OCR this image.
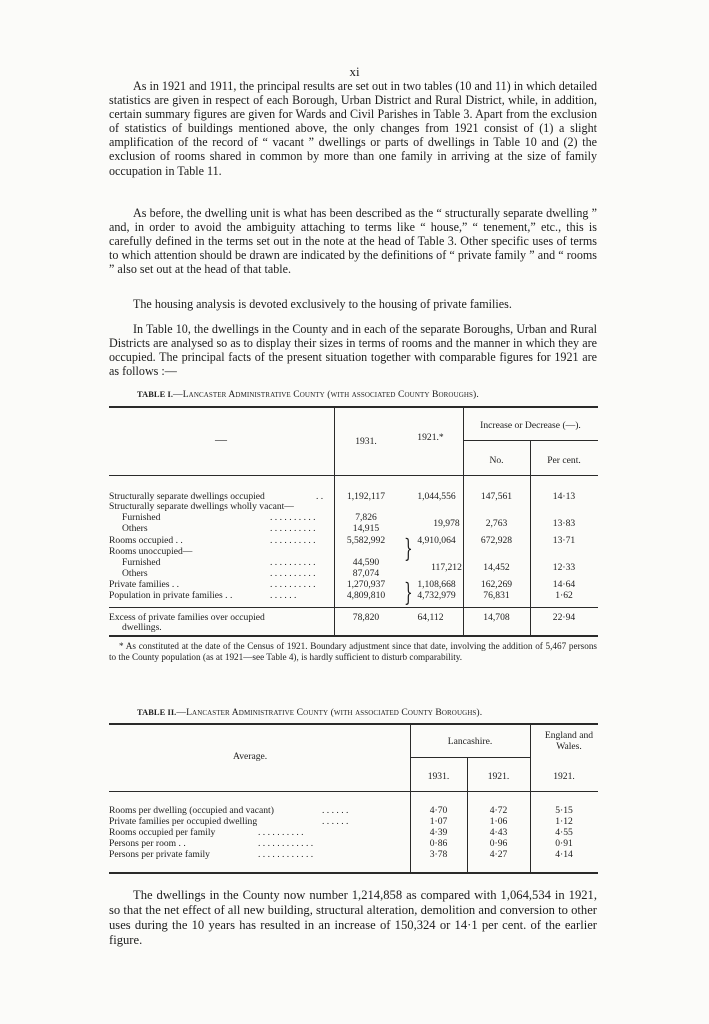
xi

As in 1921 and 1911, the principal results are set out in two tables (10 and 11) in which detailed statistics are given in respect of each Borough, Urban District and Rural District, while, in addition, certain summary figures are given for Wards and Civil Parishes in Table 3. Apart from the exclusion of statistics of buildings mentioned above, the only changes from 1921 consist of (1) a slight amplification of the record of “ vacant ” dwellings or parts of dwellings in Table 10 and (2) the exclusion of rooms shared in common by more than one family in arriving at the size of family occupation in Table 11.

As before, the dwelling unit is what has been described as the “ structurally separate dwelling ” and, in order to avoid the ambiguity attaching to terms like “ house,” “ tenement,” etc., this is carefully defined in the terms set out in the note at the head of Table 3. Other specific uses of terms to which attention should be drawn are indicated by the definitions of “ private family ” and “ rooms ” also set out at the head of that table.

The housing analysis is devoted exclusively to the housing of private families.

In Table 10, the dwellings in the County and in each of the separate Boroughs, Urban and Rural Districts are analysed so as to display their sizes in terms of rooms and the manner in which they are occupied. The principal facts of the present situation together with comparable figures for 1921 are as follows :—

TABLE I.—Lancaster Administrative County (with associated County Boroughs).
—	1931.	1921.*
Increase or Decrease (—).
No.	Per cent.
Structurally separate dwellings occupied	. .	1,192,117	1,044,556	147,561	14·13
Structurally separate dwellings wholly vacant—
Furnished	. . . . . . . . . .	7,826
Others	. . . . . . . . . .	14,915	19,978	2,763	13·83
Rooms occupied . .	. . . . . . . . . .	5,582,992	4,910,064	672,928	13·71
Rooms unoccupied—
Furnished	. . . . . . . . . .	44,590	117,212	14,452	12·33
Others	. . . . . . . . . .	87,074
Private families . .	. . . . . . . . . .	1,270,937	1,108,668	162,269	14·64
Population in private families . .	. . . . . .	4,809,810	4,732,979	76,831	1·62
}
}
Excess of private families over occupied
dwellings.
78,820	64,112	14,708	22·94

* As constituted at the date of the Census of 1921. Boundary adjustment since that date, involving the addition of 5,467 persons to the County population (as at 1921—see Table 4), is hardly sufficient to disturb comparability.

TABLE II.—Lancaster Administrative County (with associated County Boroughs).
Average.
Lancashire.
England and Wales.
1931.	1921.	1921.
Rooms per dwelling (occupied and vacant)	. . . . . .	4·70	4·72	5·15
Private families per occupied dwelling	. . . . . .	1·07	1·06	1·12
Rooms occupied per family	. . . . . . . . . .	4·39	4·43	4·55
Persons per room . .	. . . . . . . . . . . .	0·86	0·96	0·91
Persons per private family	. . . . . . . . . . . .	3·78	4·27	4·14

The dwellings in the County now number 1,214,858 as compared with 1,064,534 in 1921, so that the net effect of all new building, structural alteration, demolition and conversion to other uses during the 10 years has resulted in an increase of 150,324 or 14·1 per cent. of the earlier figure.
